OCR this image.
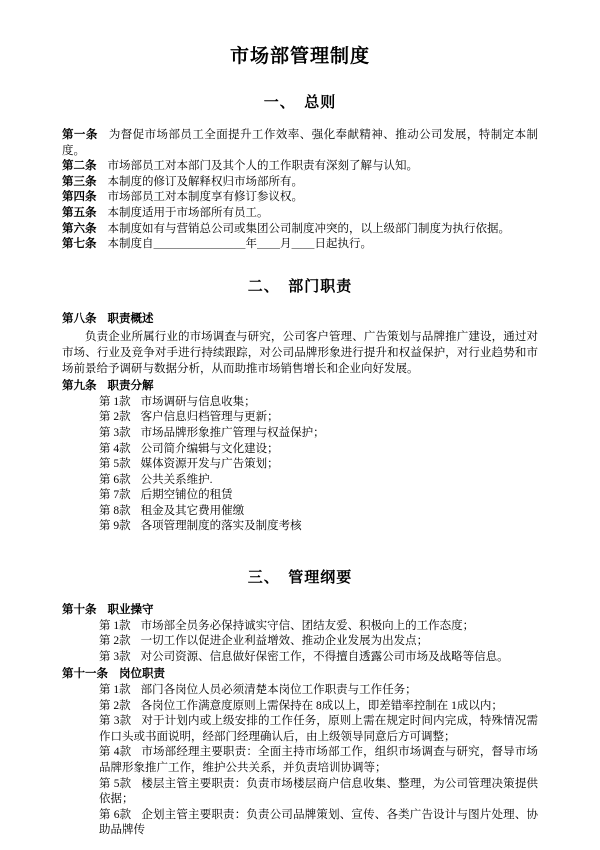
市场部管理制度
一、　总则
第一条 为督促市场部员工全面提升工作效率、强化奉献精神、推动公司发展，特制定本制度。
第二条 市场部员工对本部门及其个人的工作职责有深刻了解与认知。
第三条 本制度的修订及解释权归市场部所有。
第四条 市场部员工对本制度享有修订参议权。
第五条 本制度适用于市场部所有员工。
第六条 本制度如有与营销总公司或集团公司制度冲突的，以上级部门制度为执行依据。
第七条 本制度自＿＿＿＿＿＿＿＿年＿＿月＿＿日起执行。
二、　部门职责
第八条 职责概述

负责企业所属行业的市场调查与研究，公司客户管理、广告策划与品牌推广建设，通过对市场、行业及竞争对手进行持续跟踪，对公司品牌形象进行提升和权益保护，对行业趋势和市场前景给予调研与数据分析，从而助推市场销售增长和企业向好发展。

第九条 职责分解
第 1款 市场调研与信息收集；
第 2款 客户信息归档管理与更新；
第 3款 市场品牌形象推广管理与权益保护；
第 4款 公司简介编辑与文化建设；
第 5款 媒体资源开发与广告策划；
第 6款 公共关系维护.
第 7款 后期空铺位的租赁
第 8款 租金及其它费用催缴
第 9款 各项管理制度的落实及制度考核
三、　管理纲要
第十条 职业操守
第 1款 市场部全员务必保持诚实守信、团结友爱、积极向上的工作态度；
第 2款 一切工作以促进企业利益增效、推动企业发展为出发点；
第 3款 对公司资源、信息做好保密工作，不得擅自透露公司市场及战略等信息。
第十一条 岗位职责
第 1款 部门各岗位人员必须清楚本岗位工作职责与工作任务；
第 2款 各岗位工作满意度原则上需保持在 8成以上，即差错率控制在 1成以内；
第 3款 对于计划内或上级安排的工作任务，原则上需在规定时间内完成，特殊情况需作口头或书面说明，经部门经理确认后，由上级领导同意后方可调整；
第 4款 市场部经理主要职责：全面主持市场部工作，组织市场调查与研究，督导市场品牌形象推广工作，维护公共关系，并负责培训协调等；
第 5款 楼层主管主要职责：负责市场楼层商户信息收集、整理，为公司管理决策提供依据；
第 6款 企划主管主要职责：负责公司品牌策划、宣传、各类广告设计与图片处理、协助品牌传
